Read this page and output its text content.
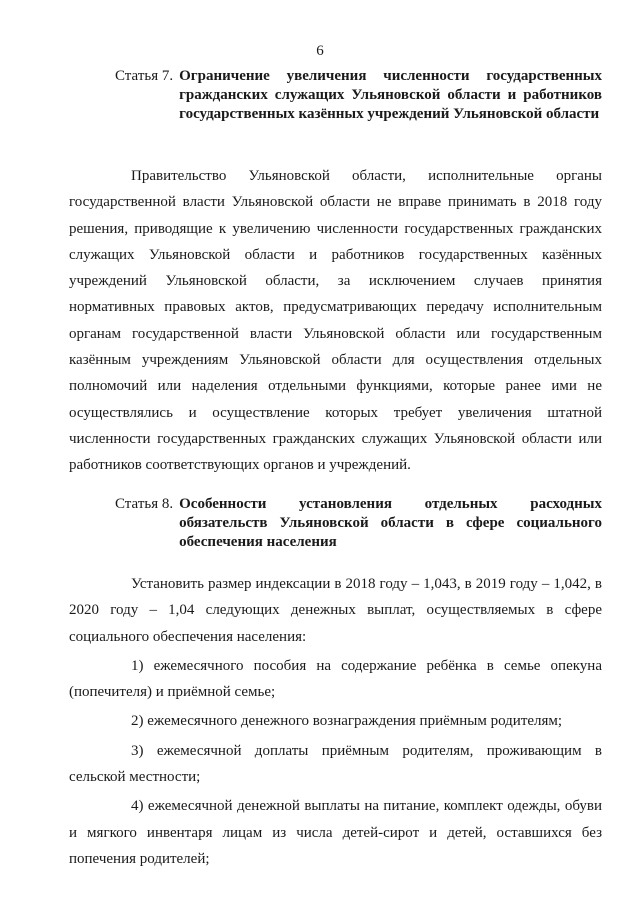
6
Статья 7. Ограничение увеличения численности государственных гражданских служащих Ульяновской области и работников государственных казённых учреждений Ульяновской области

Правительство Ульяновской области, исполнительные органы государственной власти Ульяновской области не вправе принимать в 2018 году решения, приводящие к увеличению численности государственных гражданских служащих Ульяновской области и работников государственных казённых учреждений Ульяновской области, за исключением случаев принятия нормативных правовых актов, предусматривающих передачу исполнительным органам государственной власти Ульяновской области или государственным казённым учреждениям Ульяновской области для осуществления отдельных полномочий или наделения отдельными функциями, которые ранее ими не осуществлялись и осуществление которых требует увеличения штатной численности государственных гражданских служащих Ульяновской области или работников соответствующих органов и учреждений.

Статья 8. Особенности установления отдельных расходных обязательств Ульяновской области в сфере социального обеспечения населения

Установить размер индексации в 2018 году – 1,043, в 2019 году – 1,042, в 2020 году – 1,04 следующих денежных выплат, осуществляемых в сфере социального обеспечения населения:

1) ежемесячного пособия на содержание ребёнка в семье опекуна (попечителя) и приёмной семье;

2) ежемесячного денежного вознаграждения приёмным родителям;

3) ежемесячной доплаты приёмным родителям, проживающим в сельской местности;

4) ежемесячной денежной выплаты на питание, комплект одежды, обуви и мягкого инвентаря лицам из числа детей-сирот и детей, оставшихся без попечения родителей;
